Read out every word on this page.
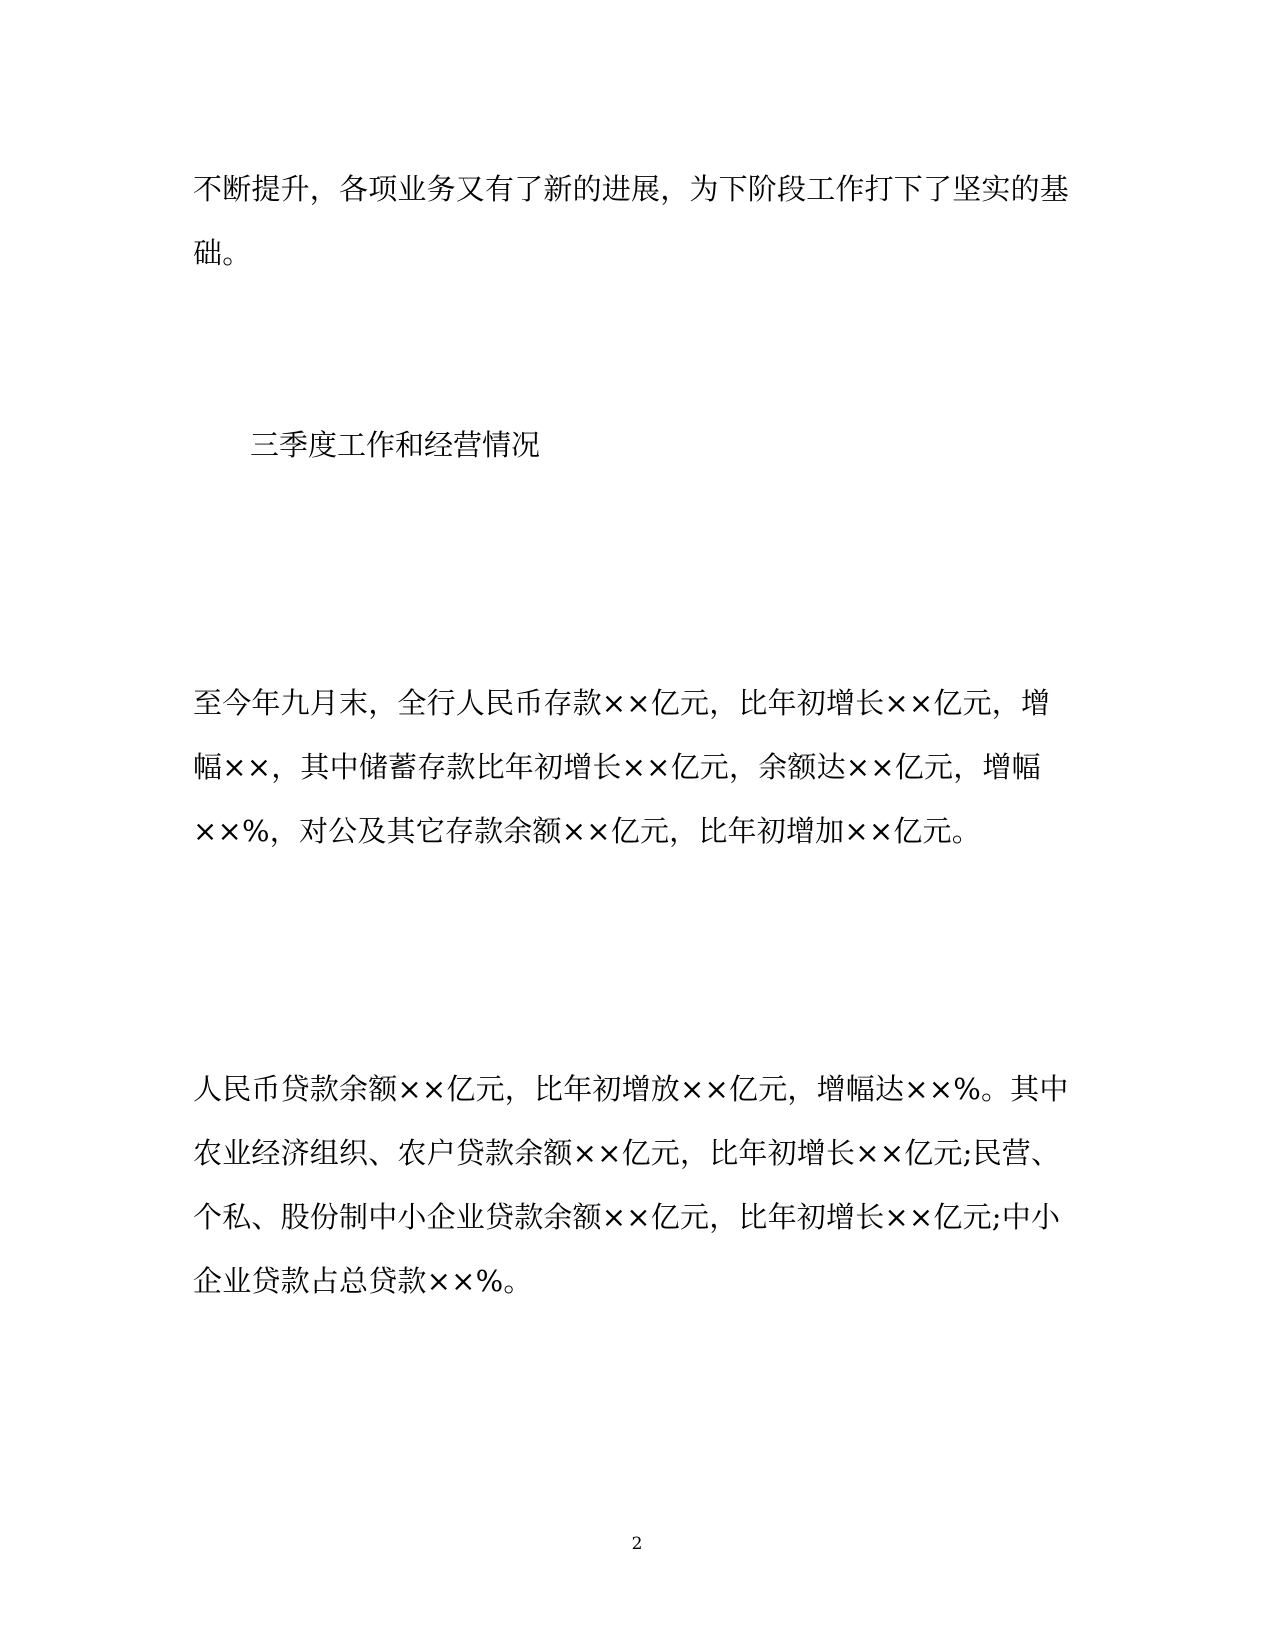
不断提升，各项业务又有了新的进展，为下阶段工作打下了坚实的基
础。
三季度工作和经营情况
至今年九月末，全行人民币存款××亿元，比年初增长××亿元，增
幅××，其中储蓄存款比年初增长××亿元，余额达××亿元，增幅
××%，对公及其它存款余额××亿元，比年初增加××亿元。
人民币贷款余额××亿元，比年初增放××亿元，增幅达××%。其中
农业经济组织、农户贷款余额××亿元，比年初增长××亿元;民营、
个私、股份制中小企业贷款余额××亿元，比年初增长××亿元;中小
企业贷款占总贷款××%。
2
